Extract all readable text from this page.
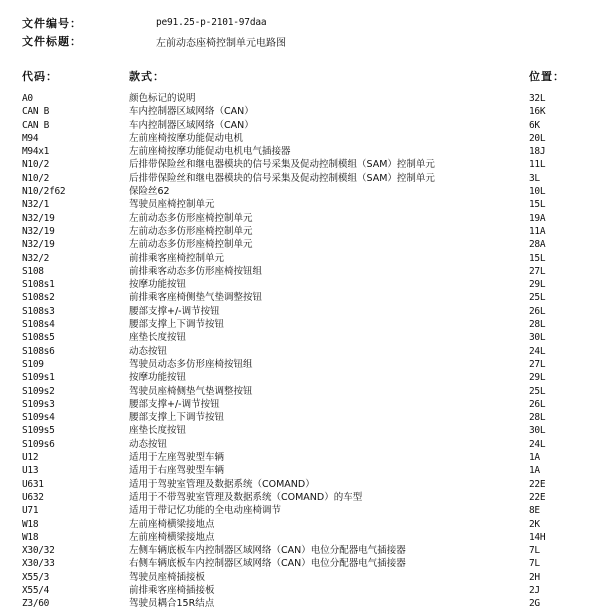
文件编号：	pe91.25-p-2101-97daa
文件标题：	左前动态座椅控制单元电路图
代码：	款式：	位置：
A0	颜色标记的说明	32L
CAN B	车内控制器区域网络（CAN）	16K
CAN B	车内控制器区域网络（CAN）	6K
M94	左前座椅按摩功能促动电机	20L
M94x1	左前座椅按摩功能促动电机电气插接器	18J
N10/2	后排带保险丝和继电器模块的信号采集及促动控制模组（SAM）控制单元	11L
N10/2	后排带保险丝和继电器模块的信号采集及促动控制模组（SAM）控制单元	3L
N10/2f62	保险丝62	10L
N32/1	驾驶员座椅控制单元	15L
N32/19	左前动态多仿形座椅控制单元	19A
N32/19	左前动态多仿形座椅控制单元	11A
N32/19	左前动态多仿形座椅控制单元	28A
N32/2	前排乘客座椅控制单元	15L
S108	前排乘客动态多仿形座椅按钮组	27L
S108s1	按摩功能按钮	29L
S108s2	前排乘客座椅侧垫气垫调整按钮	25L
S108s3	腰部支撑+/-调节按钮	26L
S108s4	腰部支撑上下调节按钮	28L
S108s5	座垫长度按钮	30L
S108s6	动态按钮	24L
S109	驾驶员动态多仿形座椅按钮组	27L
S109s1	按摩功能按钮	29L
S109s2	驾驶员座椅侧垫气垫调整按钮	25L
S109s3	腰部支撑+/-调节按钮	26L
S109s4	腰部支撑上下调节按钮	28L
S109s5	座垫长度按钮	30L
S109s6	动态按钮	24L
U12	适用于左座驾驶型车辆	1A
U13	适用于右座驾驶型车辆	1A
U631	适用于驾驶室管理及数据系统（COMAND）	22E
U632	适用于不带驾驶室管理及数据系统（COMAND）的车型	22E
U71	适用于带记忆功能的全电动座椅调节	8E
W18	左前座椅横梁接地点	2K
W18	左前座椅横梁接地点	14H
X30/32	左侧车辆底板车内控制器区域网络（CAN）电位分配器电气插接器	7L
X30/33	右侧车辆底板车内控制器区域网络（CAN）电位分配器电气插接器	7L
X55/3	驾驶员座椅插接板	2H
X55/4	前排乘客座椅插接板	2J
Z3/60	驾驶员耦合15R结点	2G
